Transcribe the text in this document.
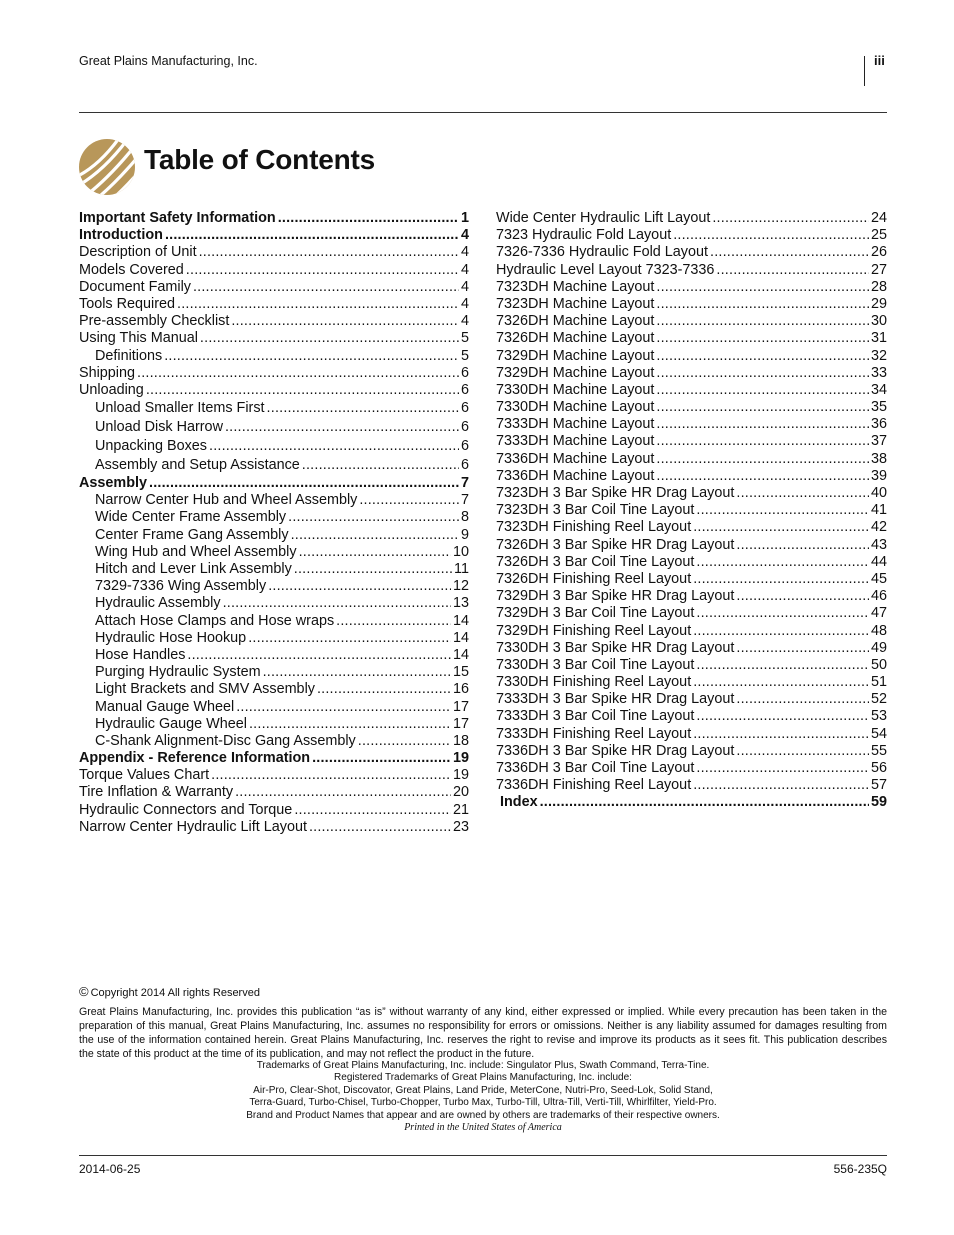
Great Plains Manufacturing, Inc.	iii
Table of Contents
Important Safety Information . . .	1
Introduction . . .	4
Description of Unit . . .	4
Models Covered . . .	4
Document Family . . .	4
Tools Required . . .	4
Pre-assembly Checklist . . .	4
Using This Manual . . .	5
Definitions . . .	5
Shipping . . .	6
Unloading . . .	6
Unload Smaller Items First . . .	6
Unload Disk Harrow . . .	6
Unpacking Boxes . . .	6
Assembly and Setup Assistance . . .	6
Assembly . . .	7
Narrow Center Hub and Wheel Assembly . . .	7
Wide Center Frame Assembly . . .	8
Center Frame Gang Assembly . . .	9
Wing Hub and Wheel Assembly . . .	10
Hitch and Lever Link Assembly . . .	11
7329-7336 Wing Assembly . . .	12
Hydraulic Assembly . . .	13
Attach Hose Clamps and Hose wraps . . .	14
Hydraulic Hose Hookup . . .	14
Hose Handles . . .	14
Purging Hydraulic System . . .	15
Light Brackets and SMV Assembly . . .	16
Manual Gauge Wheel . . .	17
Hydraulic Gauge Wheel . . .	17
C-Shank Alignment-Disc Gang Assembly . . .	18
Appendix - Reference Information . . .	19
Torque Values Chart . . .	19
Tire Inflation & Warranty . . .	20
Hydraulic Connectors and Torque . . .	21
Narrow Center Hydraulic Lift Layout . . .	23
Wide Center Hydraulic Lift Layout . . .	24
7323 Hydraulic Fold Layout . . .	25
7326-7336 Hydraulic Fold Layout . . .	26
Hydraulic Level Layout 7323-7336 . . .	27
7323DH Machine Layout . . .	28
7323DH Machine Layout . . .	29
7326DH Machine Layout . . .	30
7326DH Machine Layout . . .	31
7329DH Machine Layout . . .	32
7329DH Machine Layout . . .	33
7330DH Machine Layout . . .	34
7330DH Machine Layout . . .	35
7333DH Machine Layout . . .	36
7333DH Machine Layout . . .	37
7336DH Machine Layout . . .	38
7336DH Machine Layout . . .	39
7323DH 3 Bar Spike HR Drag Layout . . .	40
7323DH 3 Bar Coil Tine Layout . . .	41
7323DH Finishing Reel Layout . . .	42
7326DH 3 Bar Spike HR Drag Layout . . .	43
7326DH 3 Bar Coil Tine Layout . . .	44
7326DH Finishing Reel Layout . . .	45
7329DH 3 Bar Spike HR Drag Layout . . .	46
7329DH 3 Bar Coil Tine Layout . . .	47
7329DH Finishing Reel Layout . . .	48
7330DH 3 Bar Spike HR Drag Layout . . .	49
7330DH 3 Bar Coil Tine Layout . . .	50
7330DH Finishing Reel Layout . . .	51
7333DH 3 Bar Spike HR Drag Layout . . .	52
7333DH 3 Bar Coil Tine Layout . . .	53
7333DH Finishing Reel Layout . . .	54
7336DH 3 Bar Spike HR Drag Layout . . .	55
7336DH 3 Bar Coil Tine Layout . . .	56
7336DH Finishing Reel Layout . . .	57
Index . . .	59
© Copyright 2014 All rights Reserved
Great Plains Manufacturing, Inc. provides this publication “as is” without warranty of any kind, either expressed or implied. While every precaution has been taken in the preparation of this manual, Great Plains Manufacturing, Inc. assumes no responsibility for errors or omissions. Neither is any liability assumed for damages resulting from the use of the information contained herein. Great Plains Manufacturing, Inc. reserves the right to revise and improve its products as it sees fit. This publication describes the state of this product at the time of its publication, and may not reflect the product in the future.
Trademarks of Great Plains Manufacturing, Inc. include: Singulator Plus, Swath Command, Terra-Tine.
Registered Trademarks of Great Plains Manufacturing, Inc. include:
Air-Pro, Clear-Shot, Discovator, Great Plains, Land Pride, MeterCone, Nutri-Pro, Seed-Lok, Solid Stand,
Terra-Guard, Turbo-Chisel, Turbo-Chopper, Turbo Max, Turbo-Till, Ultra-Till, Verti-Till, Whirlfilter, Yield-Pro.
Brand and Product Names that appear and are owned by others are trademarks of their respective owners.
Printed in the United States of America
2014-06-25	556-235Q
